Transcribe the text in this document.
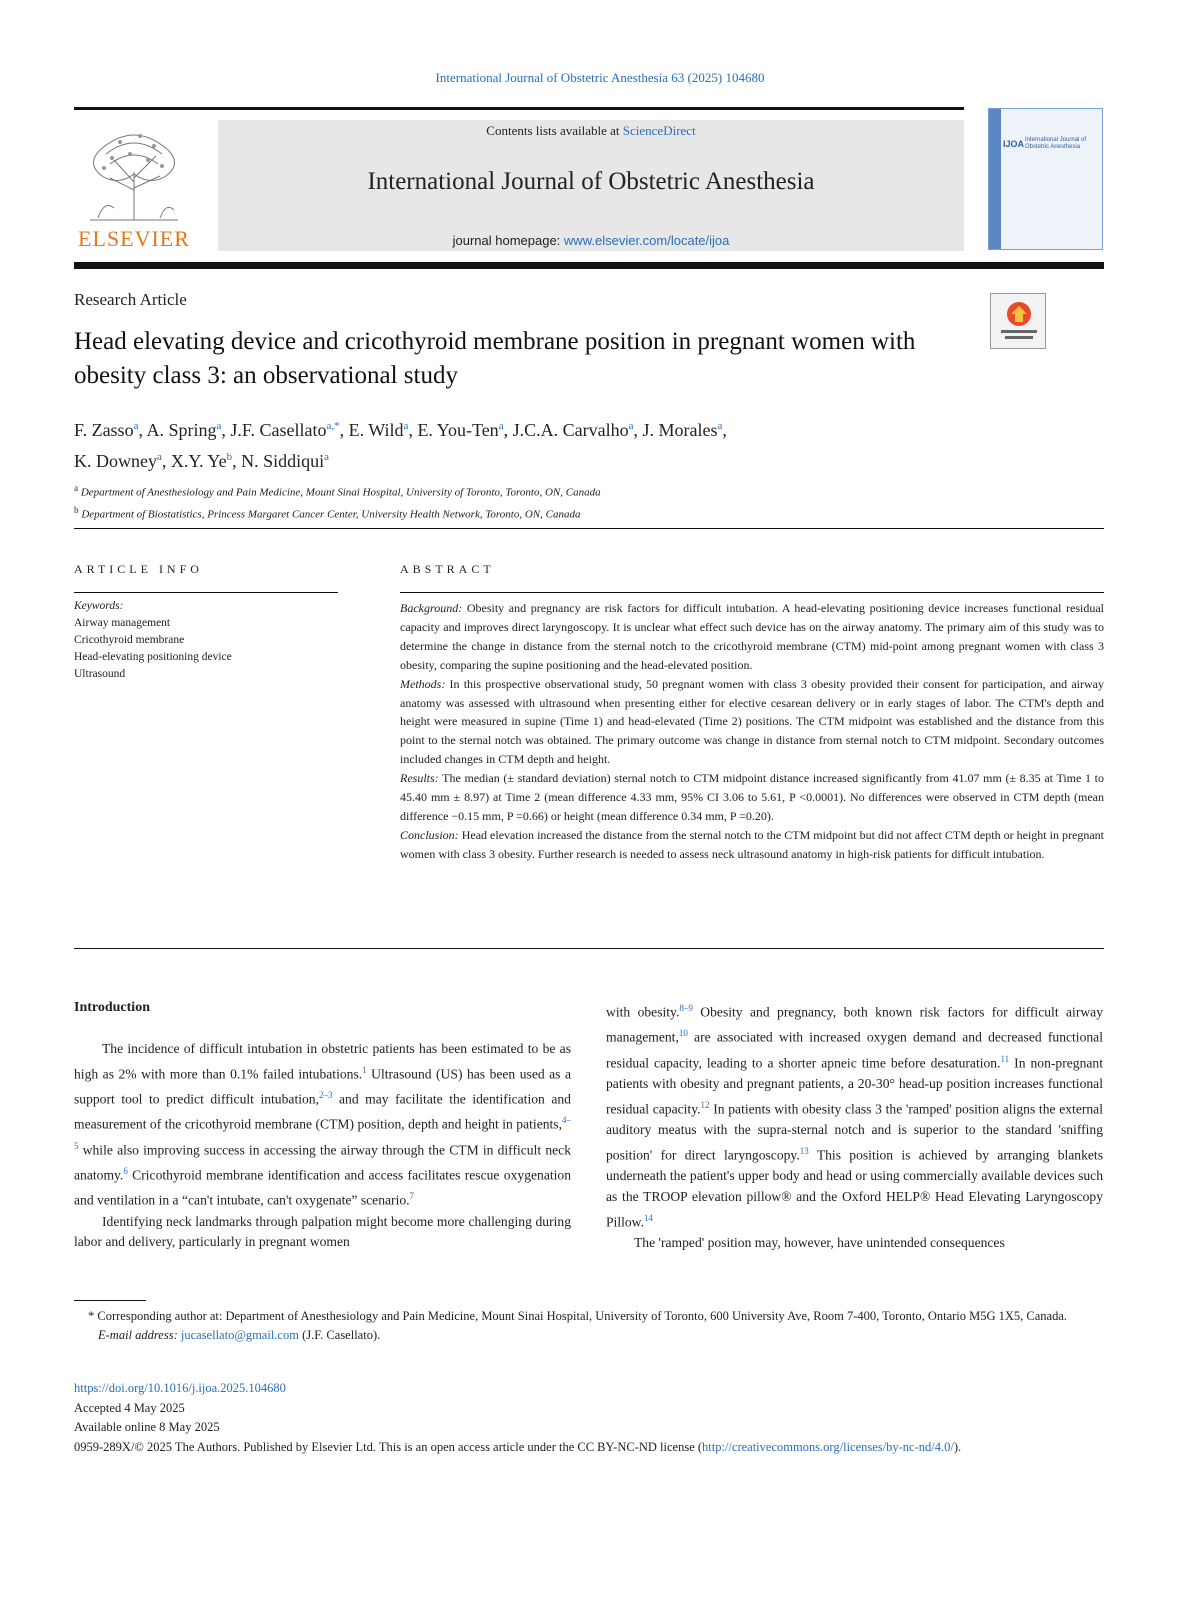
International Journal of Obstetric Anesthesia 63 (2025) 104680
ELSEVIER
Contents lists available at ScienceDirect
International Journal of Obstetric Anesthesia
journal homepage: www.elsevier.com/locate/ijoa
IJOA International Journal of Obstetric Anesthesia
Research Article
Head elevating device and cricothyroid membrane position in pregnant women with obesity class 3: an observational study
F. Zasso$^a$, A. Spring$^a$, J.F. Casellato$^{a,*}$, E. Wild$^a$, E. You-Ten$^a$, J.C.A. Carvalho$^a$, J. Morales$^a$,
K. Downey$^a$, X.Y. Ye$^b$, N. Siddiqui$^a$
$^a$ Department of Anesthesiology and Pain Medicine, Mount Sinai Hospital, University of Toronto, Toronto, ON, Canada
$^b$ Department of Biostatistics, Princess Margaret Cancer Center, University Health Network, Toronto, ON, Canada
ARTICLE INFO
Keywords:
Airway management
Cricothyroid membrane
Head-elevating positioning device
Ultrasound
ABSTRACT

Background: Obesity and pregnancy are risk factors for difficult intubation. A head-elevating positioning device increases functional residual capacity and improves direct laryngoscopy. It is unclear what effect such device has on the airway anatomy. The primary aim of this study was to determine the change in distance from the sternal notch to the cricothyroid membrane (CTM) mid-point among pregnant women with class 3 obesity, comparing the supine positioning and the head-elevated position.

Methods: In this prospective observational study, 50 pregnant women with class 3 obesity provided their consent for participation, and airway anatomy was assessed with ultrasound when presenting either for elective cesarean delivery or in early stages of labor. The CTM's depth and height were measured in supine (Time 1) and head-elevated (Time 2) positions. The CTM midpoint was established and the distance from this point to the sternal notch was obtained. The primary outcome was change in distance from sternal notch to CTM midpoint. Secondary outcomes included changes in CTM depth and height.

Results: The median (± standard deviation) sternal notch to CTM midpoint distance increased significantly from 41.07 mm (± 8.35 at Time 1 to 45.40 mm ± 8.97) at Time 2 (mean difference 4.33 mm, 95% CI 3.06 to 5.61, P <0.0001). No differences were observed in CTM depth (mean difference −0.15 mm, P =0.66) or height (mean difference 0.34 mm, P =0.20).

Conclusion: Head elevation increased the distance from the sternal notch to the CTM midpoint but did not affect CTM depth or height in pregnant women with class 3 obesity. Further research is needed to assess neck ultrasound anatomy in high-risk patients for difficult intubation.

Introduction

The incidence of difficult intubation in obstetric patients has been estimated to be as high as 2% with more than 0.1% failed intubations.$^1$ Ultrasound (US) has been used as a support tool to predict difficult intubation,$^{2-3}$ and may facilitate the identification and measurement of the cricothyroid membrane (CTM) position, depth and height in patients,$^{4-5}$ while also improving success in accessing the airway through the CTM in difficult neck anatomy.$^6$ Cricothyroid membrane identification and access facilitates rescue oxygenation and ventilation in a “can't intubate, can't oxygenate” scenario.$^7$

Identifying neck landmarks through palpation might become more challenging during labor and delivery, particularly in pregnant women

with obesity.$^{8-9}$ Obesity and pregnancy, both known risk factors for difficult airway management,$^{10}$ are associated with increased oxygen demand and decreased functional residual capacity, leading to a shorter apneic time before desaturation.$^{11}$ In non-pregnant patients with obesity and pregnant patients, a 20-30° head-up position increases functional residual capacity.$^{12}$ In patients with obesity class 3 the 'ramped' position aligns the external auditory meatus with the supra-sternal notch and is superior to the standard 'sniffing position' for direct laryngoscopy.$^{13}$ This position is achieved by arranging blankets underneath the patient's upper body and head or using commercially available devices such as the TROOP elevation pillow® and the Oxford HELP® Head Elevating Laryngoscopy Pillow.$^{14}$

The 'ramped' position may, however, have unintended consequences

* Corresponding author at: Department of Anesthesiology and Pain Medicine, Mount Sinai Hospital, University of Toronto, 600 University Ave, Room 7-400, Toronto, Ontario M5G 1X5, Canada.
E-mail address: jucasellato@gmail.com (J.F. Casellato).
https://doi.org/10.1016/j.ijoa.2025.104680
Accepted 4 May 2025
Available online 8 May 2025
0959-289X/© 2025 The Authors. Published by Elsevier Ltd. This is an open access article under the CC BY-NC-ND license (http://creativecommons.org/licenses/by-nc-nd/4.0/).
